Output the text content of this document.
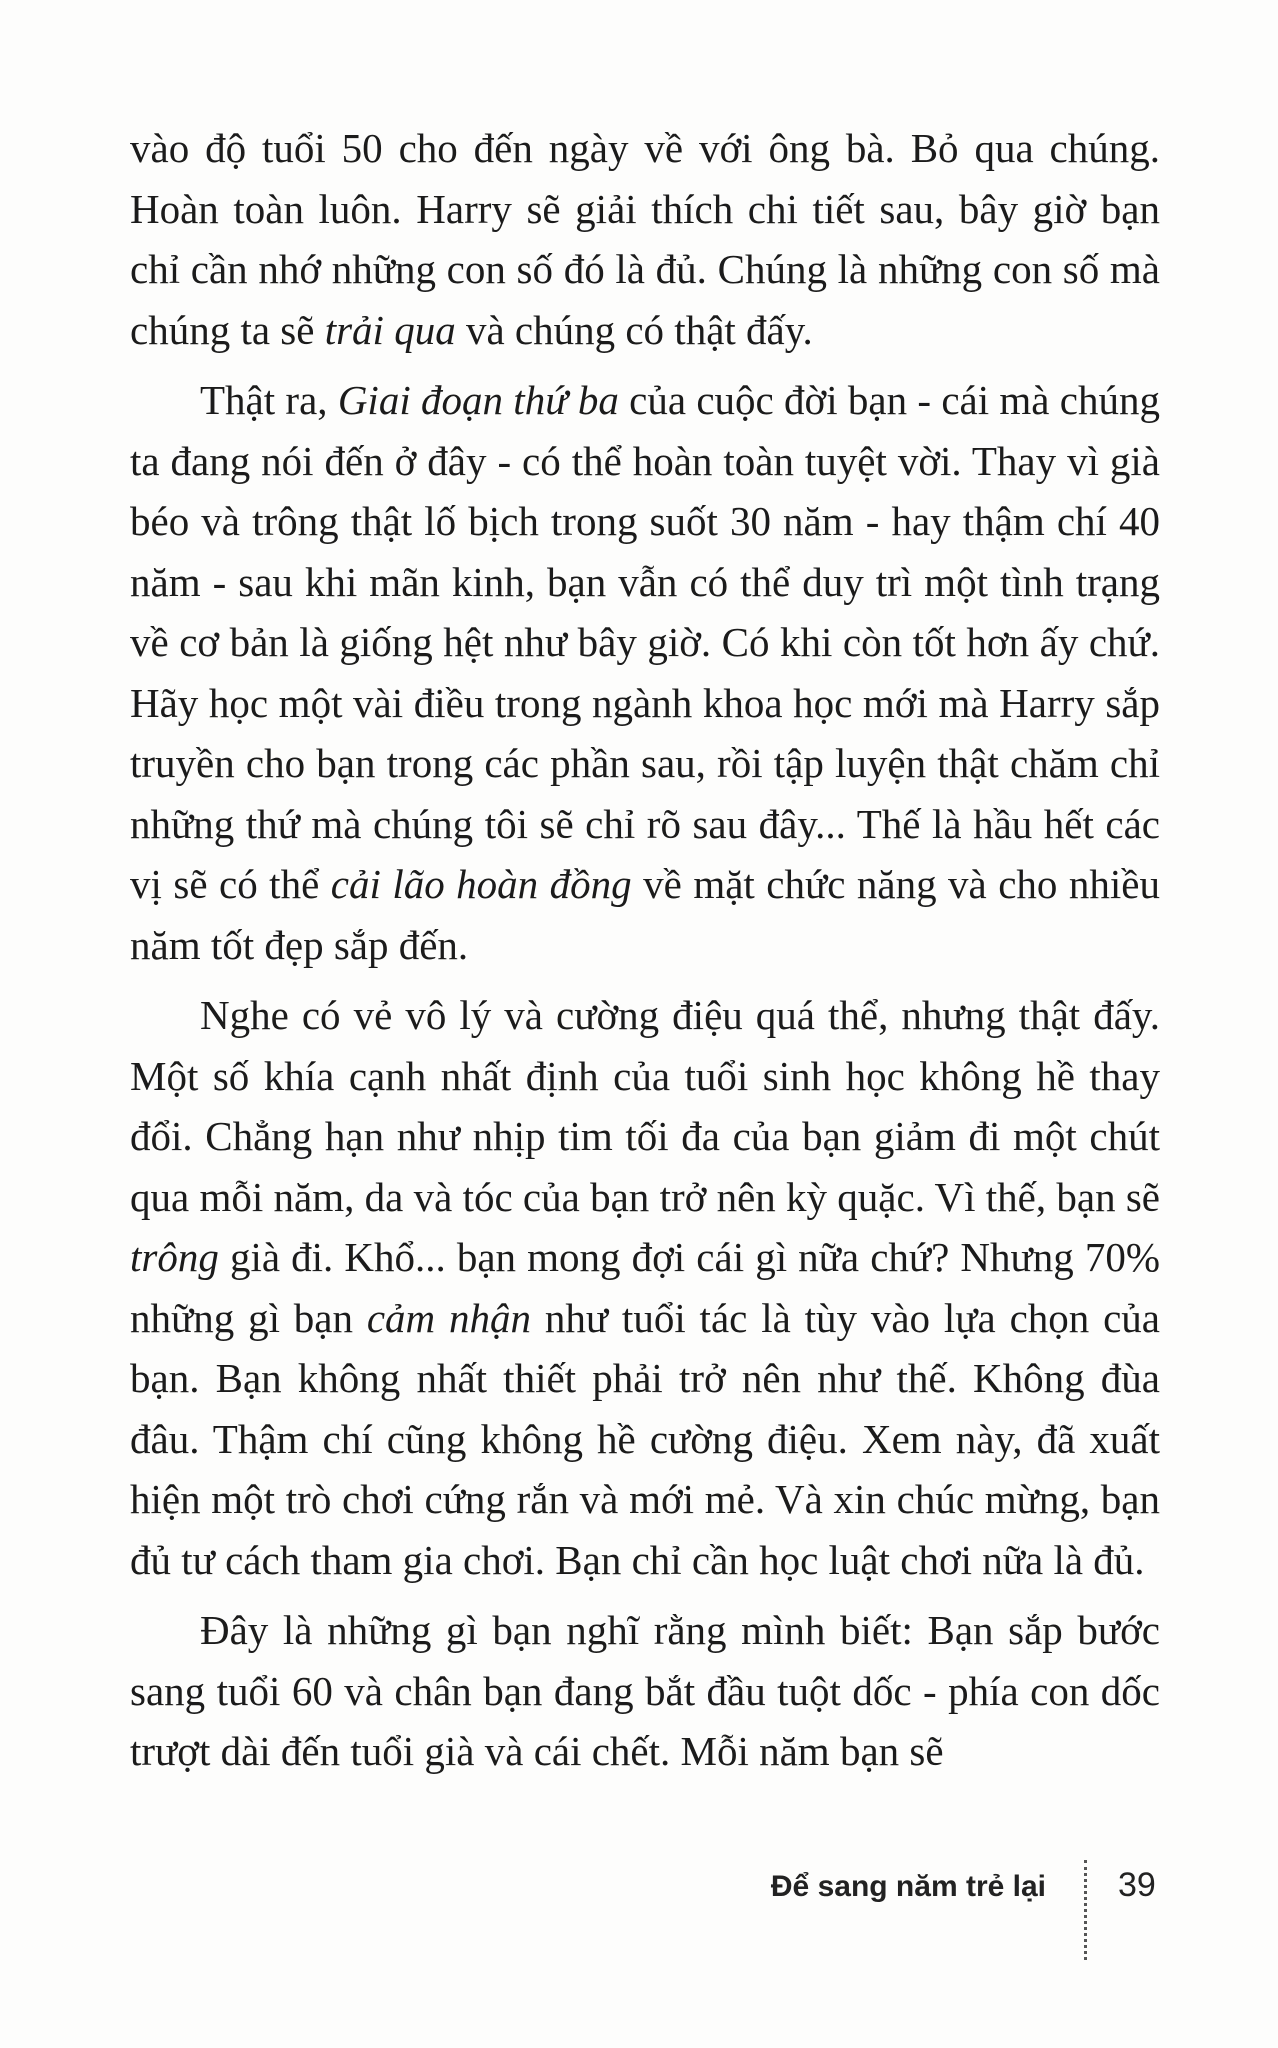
vào độ tuổi 50 cho đến ngày về với ông bà. Bỏ qua chúng. Hoàn toàn luôn. Harry sẽ giải thích chi tiết sau, bây giờ bạn chỉ cần nhớ những con số đó là đủ. Chúng là những con số mà chúng ta sẽ trải qua và chúng có thật đấy.

Thật ra, Giai đoạn thứ ba của cuộc đời bạn - cái mà chúng ta đang nói đến ở đây - có thể hoàn toàn tuyệt vời. Thay vì già béo và trông thật lố bịch trong suốt 30 năm - hay thậm chí 40 năm - sau khi mãn kinh, bạn vẫn có thể duy trì một tình trạng về cơ bản là giống hệt như bây giờ. Có khi còn tốt hơn ấy chứ. Hãy học một vài điều trong ngành khoa học mới mà Harry sắp truyền cho bạn trong các phần sau, rồi tập luyện thật chăm chỉ những thứ mà chúng tôi sẽ chỉ rõ sau đây... Thế là hầu hết các vị sẽ có thể cải lão hoàn đồng về mặt chức năng và cho nhiều năm tốt đẹp sắp đến.

Nghe có vẻ vô lý và cường điệu quá thể, nhưng thật đấy. Một số khía cạnh nhất định của tuổi sinh học không hề thay đổi. Chẳng hạn như nhịp tim tối đa của bạn giảm đi một chút qua mỗi năm, da và tóc của bạn trở nên kỳ quặc. Vì thế, bạn sẽ trông già đi. Khổ... bạn mong đợi cái gì nữa chứ? Nhưng 70% những gì bạn cảm nhận như tuổi tác là tùy vào lựa chọn của bạn. Bạn không nhất thiết phải trở nên như thế. Không đùa đâu. Thậm chí cũng không hề cường điệu. Xem này, đã xuất hiện một trò chơi cứng rắn và mới mẻ. Và xin chúc mừng, bạn đủ tư cách tham gia chơi. Bạn chỉ cần học luật chơi nữa là đủ.

Đây là những gì bạn nghĩ rằng mình biết: Bạn sắp bước sang tuổi 60 và chân bạn đang bắt đầu tuột dốc - phía con dốc trượt dài đến tuổi già và cái chết. Mỗi năm bạn sẽ

Để sang năm trẻ lại 39
